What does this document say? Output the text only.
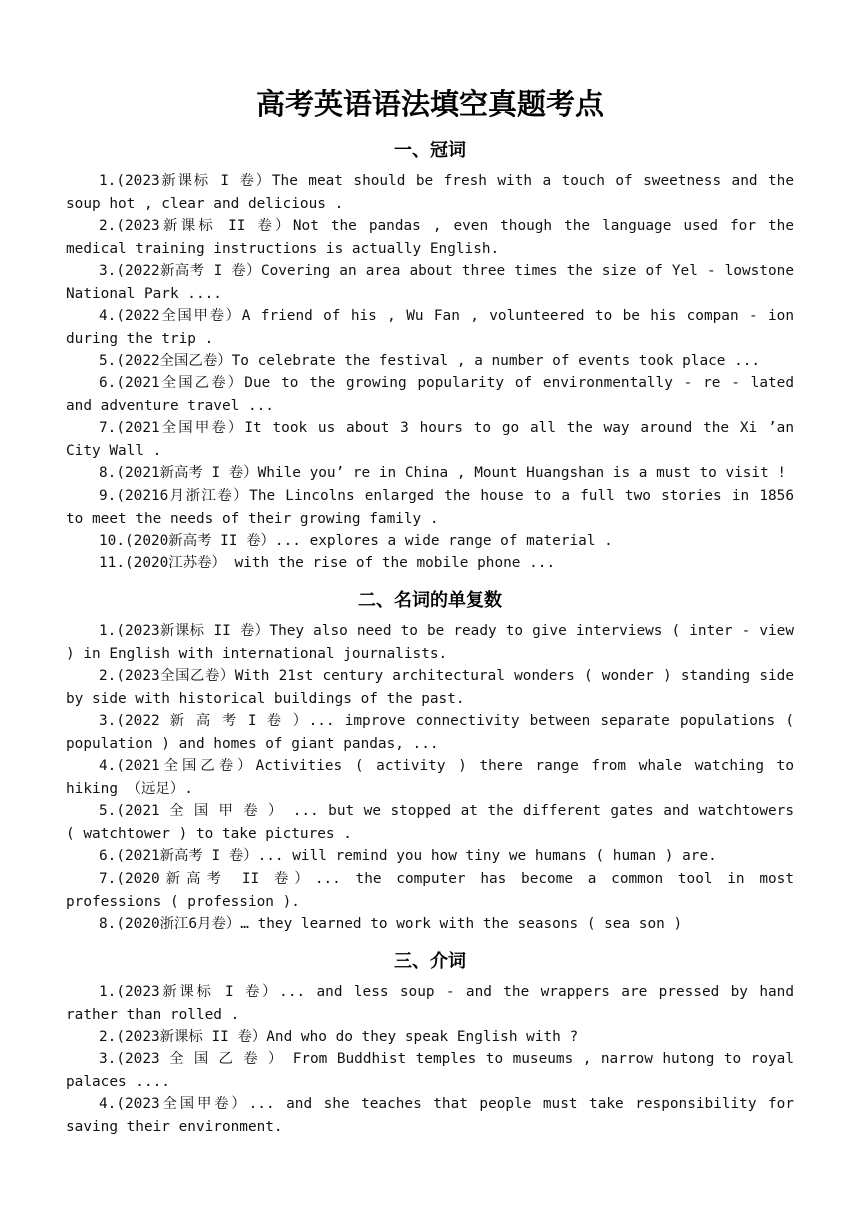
高考英语语法填空真题考点
一、冠词

1.(2023新课标 I 卷）The meat should be fresh with a touch of sweetness and the soup hot , clear and delicious .

2.(2023新课标 II 卷）Not the pandas , even though the language used for the medical training instructions is actually English.

3.(2022新高考 I 卷）Covering an area about three times the size of Yel - lowstone National Park ....

4.(2022全国甲卷）A friend of his , Wu Fan , volunteered to be his compan - ion during the trip .

5.(2022全国乙卷）To celebrate the festival , a number of events took place ...

6.(2021全国乙卷）Due to the growing popularity of environmentally - re - lated and adventure travel ...

7.(2021全国甲卷）It took us about 3 hours to go all the way around the Xi ’an City Wall .

8.(2021新高考 I 卷）While you’ re in China , Mount Huangshan is a must to visit !

9.(20216月浙江卷）The Lincolns enlarged the house to a full two stories in 1856 to meet the needs of their growing family .

10.(2020新高考 II 卷）... explores a wide range of material .

11.(2020江苏卷） with the rise of the mobile phone ...

二、名词的单复数

1.(2023新课标 II 卷）They also need to be ready to give interviews ( inter - view ) in English with international journalists.

2.(2023全国乙卷）With 21st century architectural wonders ( wonder ) standing side by side with historical buildings of the past.

3.(2022 新 高 考 I 卷 ）... improve connectivity between separate populations ( population ) and homes of giant pandas, ...

4.(2021全国乙卷）Activities ( activity ) there range from whale watching to hiking （远足）.

5.(2021 全 国 甲 卷 ） ... but we stopped at the different gates and watchtowers ( watchtower ) to take pictures .

6.(2021新高考 I 卷）... will remind you how tiny we humans ( human ) are.

7.(2020新高考 II 卷）... the computer has become a common tool in most professions ( profession ).

8.(2020浙江6月卷）… they learned to work with the seasons ( sea son )

三、介词

1.(2023新课标 I 卷）... and less soup - and the wrappers are pressed by hand rather than rolled .

2.(2023新课标 II 卷）And who do they speak English with ?

3.(2023 全 国 乙 卷 ） From Buddhist temples to museums , narrow hutong to royal palaces ....

4.(2023全国甲卷）... and she teaches that people must take responsibility for saving their environment.
